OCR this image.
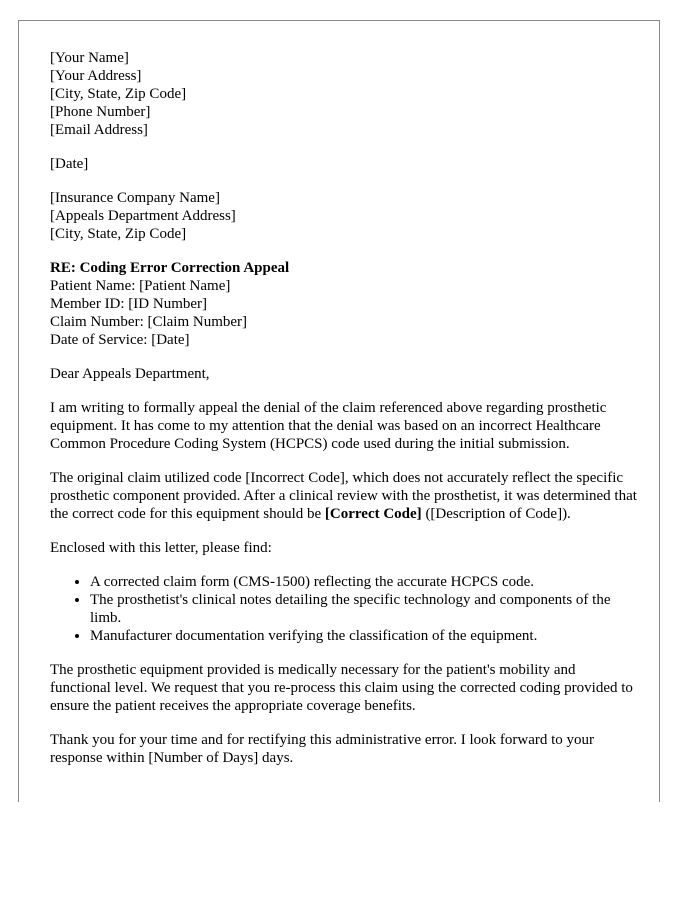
[Your Name]
[Your Address]
[City, State, Zip Code]
[Phone Number]
[Email Address]
[Date]
[Insurance Company Name]
[Appeals Department Address]
[City, State, Zip Code]
RE: Coding Error Correction Appeal
Patient Name: [Patient Name]
Member ID: [ID Number]
Claim Number: [Claim Number]
Date of Service: [Date]

Dear Appeals Department,

I am writing to formally appeal the denial of the claim referenced above regarding prosthetic equipment. It has come to my attention that the denial was based on an incorrect Healthcare Common Procedure Coding System (HCPCS) code used during the initial submission.

The original claim utilized code [Incorrect Code], which does not accurately reflect the specific prosthetic component provided. After a clinical review with the prosthetist, it was determined that the correct code for this equipment should be [Correct Code] ([Description of Code]).

Enclosed with this letter, please find:

• A corrected claim form (CMS-1500) reflecting the accurate HCPCS code.
• The prosthetist's clinical notes detailing the specific technology and components of the limb.
• Manufacturer documentation verifying the classification of the equipment.

The prosthetic equipment provided is medically necessary for the patient's mobility and functional level. We request that you re-process this claim using the corrected coding provided to ensure the patient receives the appropriate coverage benefits.

Thank you for your time and for rectifying this administrative error. I look forward to your response within [Number of Days] days.
